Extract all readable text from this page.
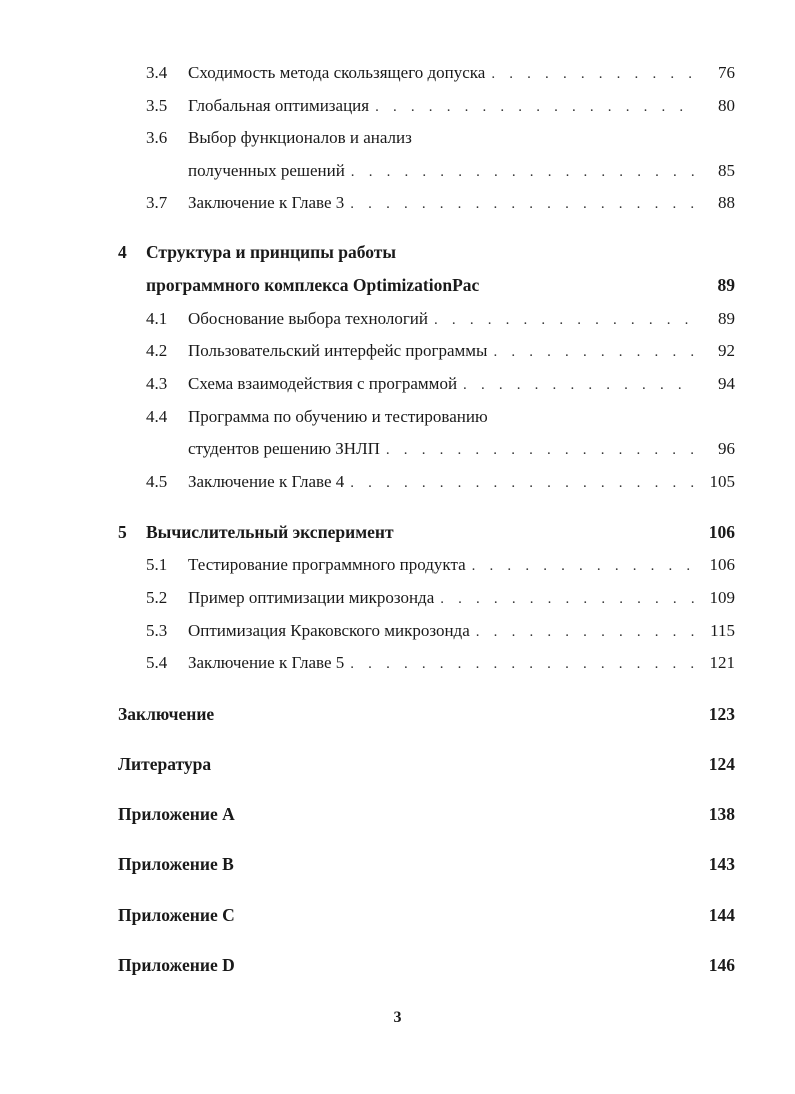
3.4	Сходимость метода скользящего допуска . . .	76
3.5	Глобальная оптимизация . . .	80
3.6	Выбор функционалов и анализ
полученных решений . . .	85
3.7	Заключение к Главе 3 . . .	88
4	Структура и принципы работы
программного комплекса OptimizationPac	89
4.1	Обоснование выбора технологий . . .	89
4.2	Пользовательский интерфейс программы . . .	92
4.3	Схема взаимодействия с программой . . .	94
4.4	Программа по обучению и тестированию
студентов решению ЗНЛП . . .	96
4.5	Заключение к Главе 4 . . .	105
5	Вычислительный эксперимент	106
5.1	Тестирование программного продукта . . .	106
5.2	Пример оптимизации микрозонда . . .	109
5.3	Оптимизация Краковского микрозонда . . .	115
5.4	Заключение к Главе 5 . . .	121
Заключение	123
Литература	124
Приложение A	138
Приложение B	143
Приложение C	144
Приложение D	146
3
